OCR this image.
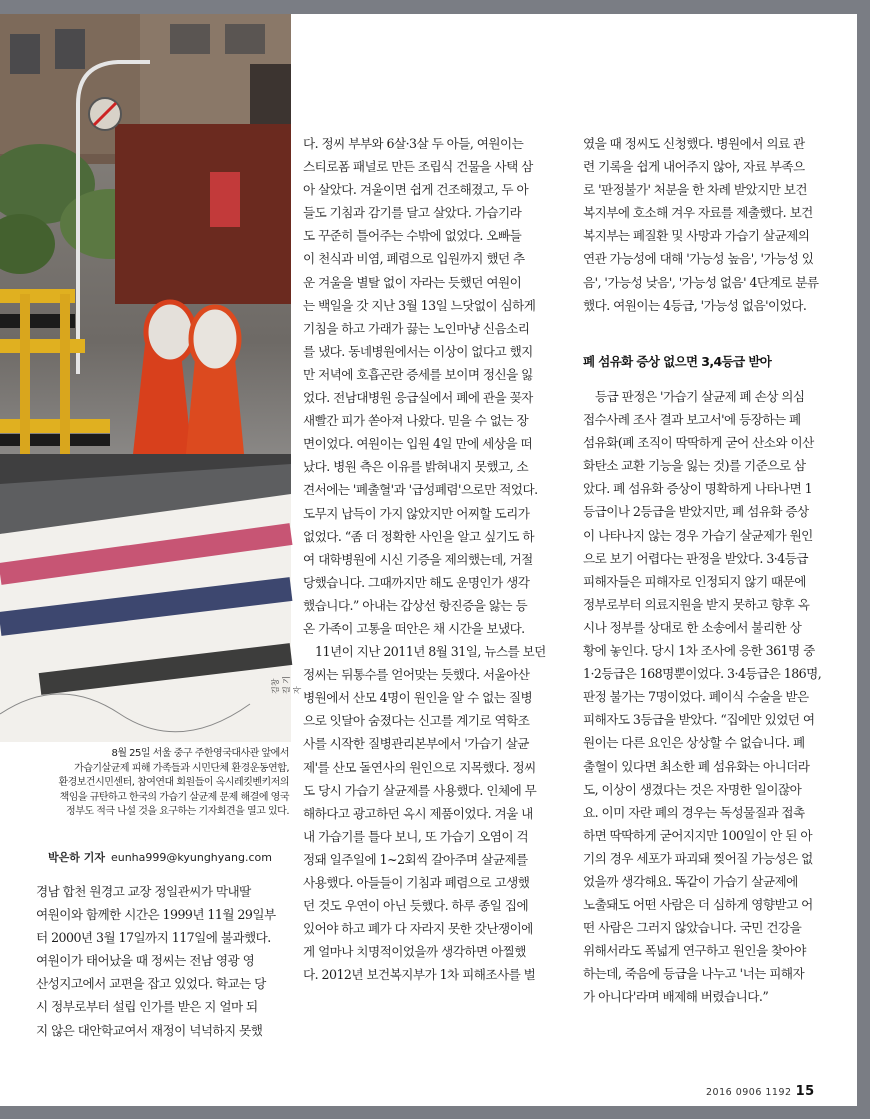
김창길 기자
8월 25일 서울 중구 주한영국대사관 앞에서
가습기살균제 피해 가족들과 시민단체 환경운동연합,
환경보건시민센터, 참여연대 회원들이 옥시레킷벤키저의
책임을 규탄하고 한국의 가습기 살균제 문제 해결에 영국
정부도 적극 나설 것을 요구하는 기자회견을 열고 있다.
박은하 기자 eunha999@kyunghyang.com
경남 합천 원경고 교장 정일관씨가 막내딸
여원이와 함께한 시간은 1999년 11월 29일부
터 2000년 3월 17일까지 117일에 불과했다.
여원이가 태어났을 때 정씨는 전남 영광 영
산성지고에서 교편을 잡고 있었다. 학교는 당
시 정부로부터 설립 인가를 받은 지 얼마 되
지 않은 대안학교여서 재정이 넉넉하지 못했
다. 정씨 부부와 6살·3살 두 아들, 여원이는
스티로폼 패널로 만든 조립식 건물을 사택 삼
아 살았다. 겨울이면 쉽게 건조해졌고, 두 아
들도 기침과 감기를 달고 살았다. 가습기라
도 꾸준히 틀어주는 수밖에 없었다. 오빠들
이 천식과 비염, 폐렴으로 입원까지 했던 추
운 겨울을 별탈 없이 자라는 듯했던 여원이
는 백일을 갓 지난 3월 13일 느닷없이 심하게
기침을 하고 가래가 끓는 노인마냥 신음소리
를 냈다. 동네병원에서는 이상이 없다고 했지
만 저녁에 호흡곤란 증세를 보이며 정신을 잃
었다. 전남대병원 응급실에서 폐에 관을 꽂자
새빨간 피가 쏟아져 나왔다. 믿을 수 없는 장
면이었다. 여원이는 입원 4일 만에 세상을 떠
났다. 병원 측은 이유를 밝혀내지 못했고, 소
견서에는 '폐출혈'과 '급성폐렴'으로만 적었다.
도무지 납득이 가지 않았지만 어찌할 도리가
없었다. “좀 더 정확한 사인을 알고 싶기도 하
여 대학병원에 시신 기증을 제의했는데, 거절
당했습니다. 그때까지만 해도 운명인가 생각
했습니다.” 아내는 갑상선 항진증을 앓는 등
온 가족이 고통을 떠안은 채 시간을 보냈다.
　11년이 지난 2011년 8월 31일, 뉴스를 보던
정씨는 뒤통수를 얻어맞는 듯했다. 서울아산
병원에서 산모 4명이 원인을 알 수 없는 질병
으로 잇달아 숨졌다는 신고를 계기로 역학조
사를 시작한 질병관리본부에서 '가습기 살균
제'를 산모 돌연사의 원인으로 지목했다. 정씨
도 당시 가습기 살균제를 사용했다. 인체에 무
해하다고 광고하던 옥시 제품이었다. 겨울 내
내 가습기를 틀다 보니, 또 가습기 오염이 걱
정돼 일주일에 1~2회씩 갈아주며 살균제를
사용했다. 아들들이 기침과 폐렴으로 고생했
던 것도 우연이 아닌 듯했다. 하루 종일 집에
있어야 하고 폐가 다 자라지 못한 갓난쟁이에
게 얼마나 치명적이었을까 생각하면 아찔했
다. 2012년 보건복지부가 1차 피해조사를 벌
였을 때 정씨도 신청했다. 병원에서 의료 관
련 기록을 쉽게 내어주지 않아, 자료 부족으
로 '판정불가' 처분을 한 차례 받았지만 보건
복지부에 호소해 겨우 자료를 제출했다. 보건
복지부는 폐질환 및 사망과 가습기 살균제의
연관 가능성에 대해 '가능성 높음', '가능성 있
음', '가능성 낮음', '가능성 없음' 4단계로 분류
했다. 여원이는 4등급, '가능성 없음'이었다.
폐 섬유화 증상 없으면 3,4등급 받아
　등급 판정은 '가습기 살균제 폐 손상 의심
접수사례 조사 결과 보고서'에 등장하는 폐
섬유화(폐 조직이 딱딱하게 굳어 산소와 이산
화탄소 교환 기능을 잃는 것)를 기준으로 삼
았다. 폐 섬유화 증상이 명확하게 나타나면 1
등급이나 2등급을 받았지만, 폐 섬유화 증상
이 나타나지 않는 경우 가습기 살균제가 원인
으로 보기 어렵다는 판정을 받았다. 3·4등급
피해자들은 피해자로 인정되지 않기 때문에
정부로부터 의료지원을 받지 못하고 향후 옥
시나 정부를 상대로 한 소송에서 불리한 상
황에 놓인다. 당시 1차 조사에 응한 361명 중
1·2등급은 168명뿐이었다. 3·4등급은 186명,
판정 불가는 7명이었다. 폐이식 수술을 받은
피해자도 3등급을 받았다. “집에만 있었던 여
원이는 다른 요인은 상상할 수 없습니다. 폐
출혈이 있다면 최소한 폐 섬유화는 아니더라
도, 이상이 생겼다는 것은 자명한 일이잖아
요. 이미 자란 폐의 경우는 독성물질과 접촉
하면 딱딱하게 굳어지지만 100일이 안 된 아
기의 경우 세포가 파괴돼 찢어질 가능성은 없
었을까 생각해요. 똑같이 가습기 살균제에
노출돼도 어떤 사람은 더 심하게 영향받고 어
떤 사람은 그러지 않았습니다. 국민 건강을
위해서라도 폭넓게 연구하고 원인을 찾아야
하는데, 죽음에 등급을 나누고 '너는 피해자
가 아니다'라며 배제해 버렸습니다.”
2016 0906 1192 15
